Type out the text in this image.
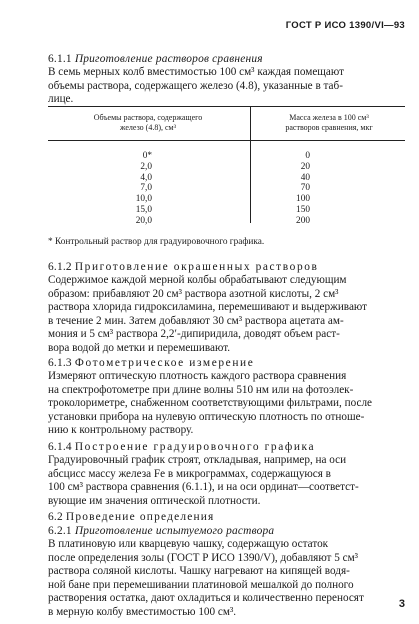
ГОСТ Р ИСО 1390/VI—93
6.1.1 Приготовление растворов сравнения
В семь мерных колб вместимостью 100 см³ каждая помещают
объемы раствора, содержащего железо (4.8), указанные в таб-
лице.
Объемы раствора, содержащего
железо (4.8), см³
Масса железа в 100 см³
растворов сравнения, мкг
0*
2,0
4,0
7,0
10,0
15,0
20,0
0
20
40
70
100
150
200
* Контрольный раствор для градуировочного графика.
6.1.2 Приготовление окрашенных растворов
Содержимое каждой мерной колбы обрабатывают следующим
образом: прибавляют 20 см³ раствора азотной кислоты, 2 см³
раствора хлорида гидроксиламина, перемешивают и выдерживают
в течение 2 мин. Затем добавляют 30 см³ раствора ацетата ам-
мония и 5 см³ раствора 2,2′-дипиридила, доводят объем раст-
вора водой до метки и перемешивают.
6.1.3 Фотометрическое измерение
Измеряют оптическую плотность каждого раствора сравнения
на спектрофотометре при длине волны 510 нм или на фотоэлек-
троколориметре, снабженном соответствующими фильтрами, после
установки прибора на нулевую оптическую плотность по отноше-
нию к контрольному раствору.
6.1.4 Построение градуировочного графика
Градуировочный график строят, откладывая, например, на оси
абсцисс массу железа Fe в микрограммах, содержащуюся в
100 см³ раствора сравнения (6.1.1), и на оси ординат—соответст-
вующие им значения оптической плотности.
6.2 Проведение определения
6.2.1 Приготовление испытуемого раствора
В платиновую или кварцевую чашку, содержащую остаток
после определения золы (ГОСТ Р ИСО 1390/V), добавляют 5 см³
раствора соляной кислоты. Чашку нагревают на кипящей водя-
ной бане при перемешивании платиновой мешалкой до полного
растворения остатка, дают охладиться и количественно переносят
в мерную колбу вместимостью 100 см³.
3
